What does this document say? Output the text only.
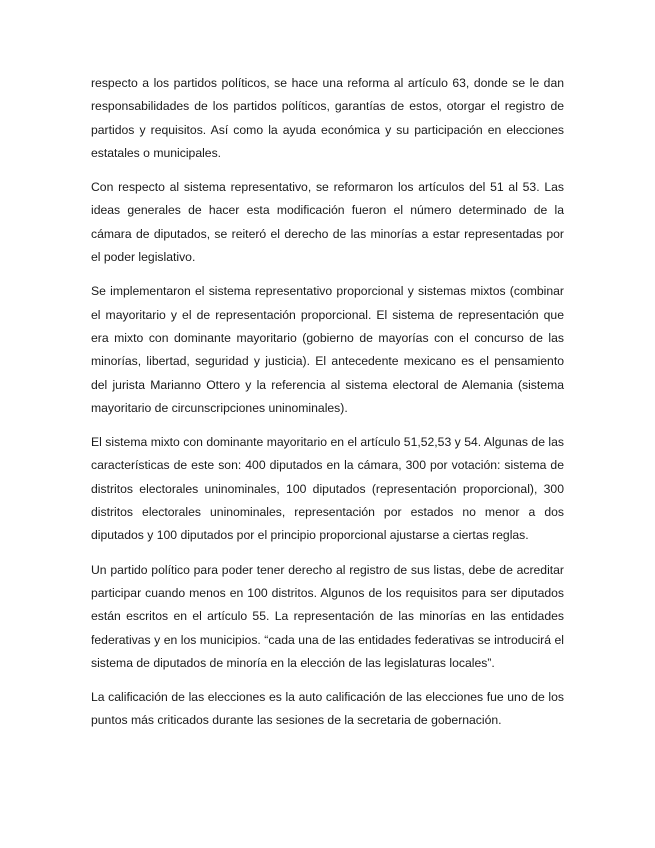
respecto a los partidos políticos, se hace una reforma al artículo 63, donde se le dan responsabilidades de los partidos políticos, garantías de estos, otorgar el registro de partidos y requisitos. Así como la ayuda económica y su participación en elecciones estatales o municipales.

Con respecto al sistema representativo, se reformaron los artículos del 51 al 53. Las ideas generales de hacer esta modificación fueron el número determinado de la cámara de diputados, se reiteró el derecho de las minorías a estar representadas por el poder legislativo.

Se implementaron el sistema representativo proporcional y sistemas mixtos (combinar el mayoritario y el de representación proporcional. El sistema de representación que era mixto con dominante mayoritario (gobierno de mayorías con el concurso de las minorías, libertad, seguridad y justicia). El antecedente mexicano es el pensamiento del jurista Marianno Ottero y la referencia al sistema electoral de Alemania (sistema mayoritario de circunscripciones uninominales).

El sistema mixto con dominante mayoritario en el artículo 51,52,53 y 54. Algunas de las características de este son: 400 diputados en la cámara, 300 por votación: sistema de distritos electorales uninominales, 100 diputados (representación proporcional), 300 distritos electorales uninominales, representación por estados no menor a dos diputados y 100 diputados por el principio proporcional ajustarse a ciertas reglas.

Un partido político para poder tener derecho al registro de sus listas, debe de acreditar participar cuando menos en 100 distritos. Algunos de los requisitos para ser diputados están escritos en el artículo 55. La representación de las minorías en las entidades federativas y en los municipios. “cada una de las entidades federativas se introducirá el sistema de diputados de minoría en la elección de las legislaturas locales”.

La calificación de las elecciones es la auto calificación de las elecciones fue uno de los puntos más criticados durante las sesiones de la secretaria de gobernación.
